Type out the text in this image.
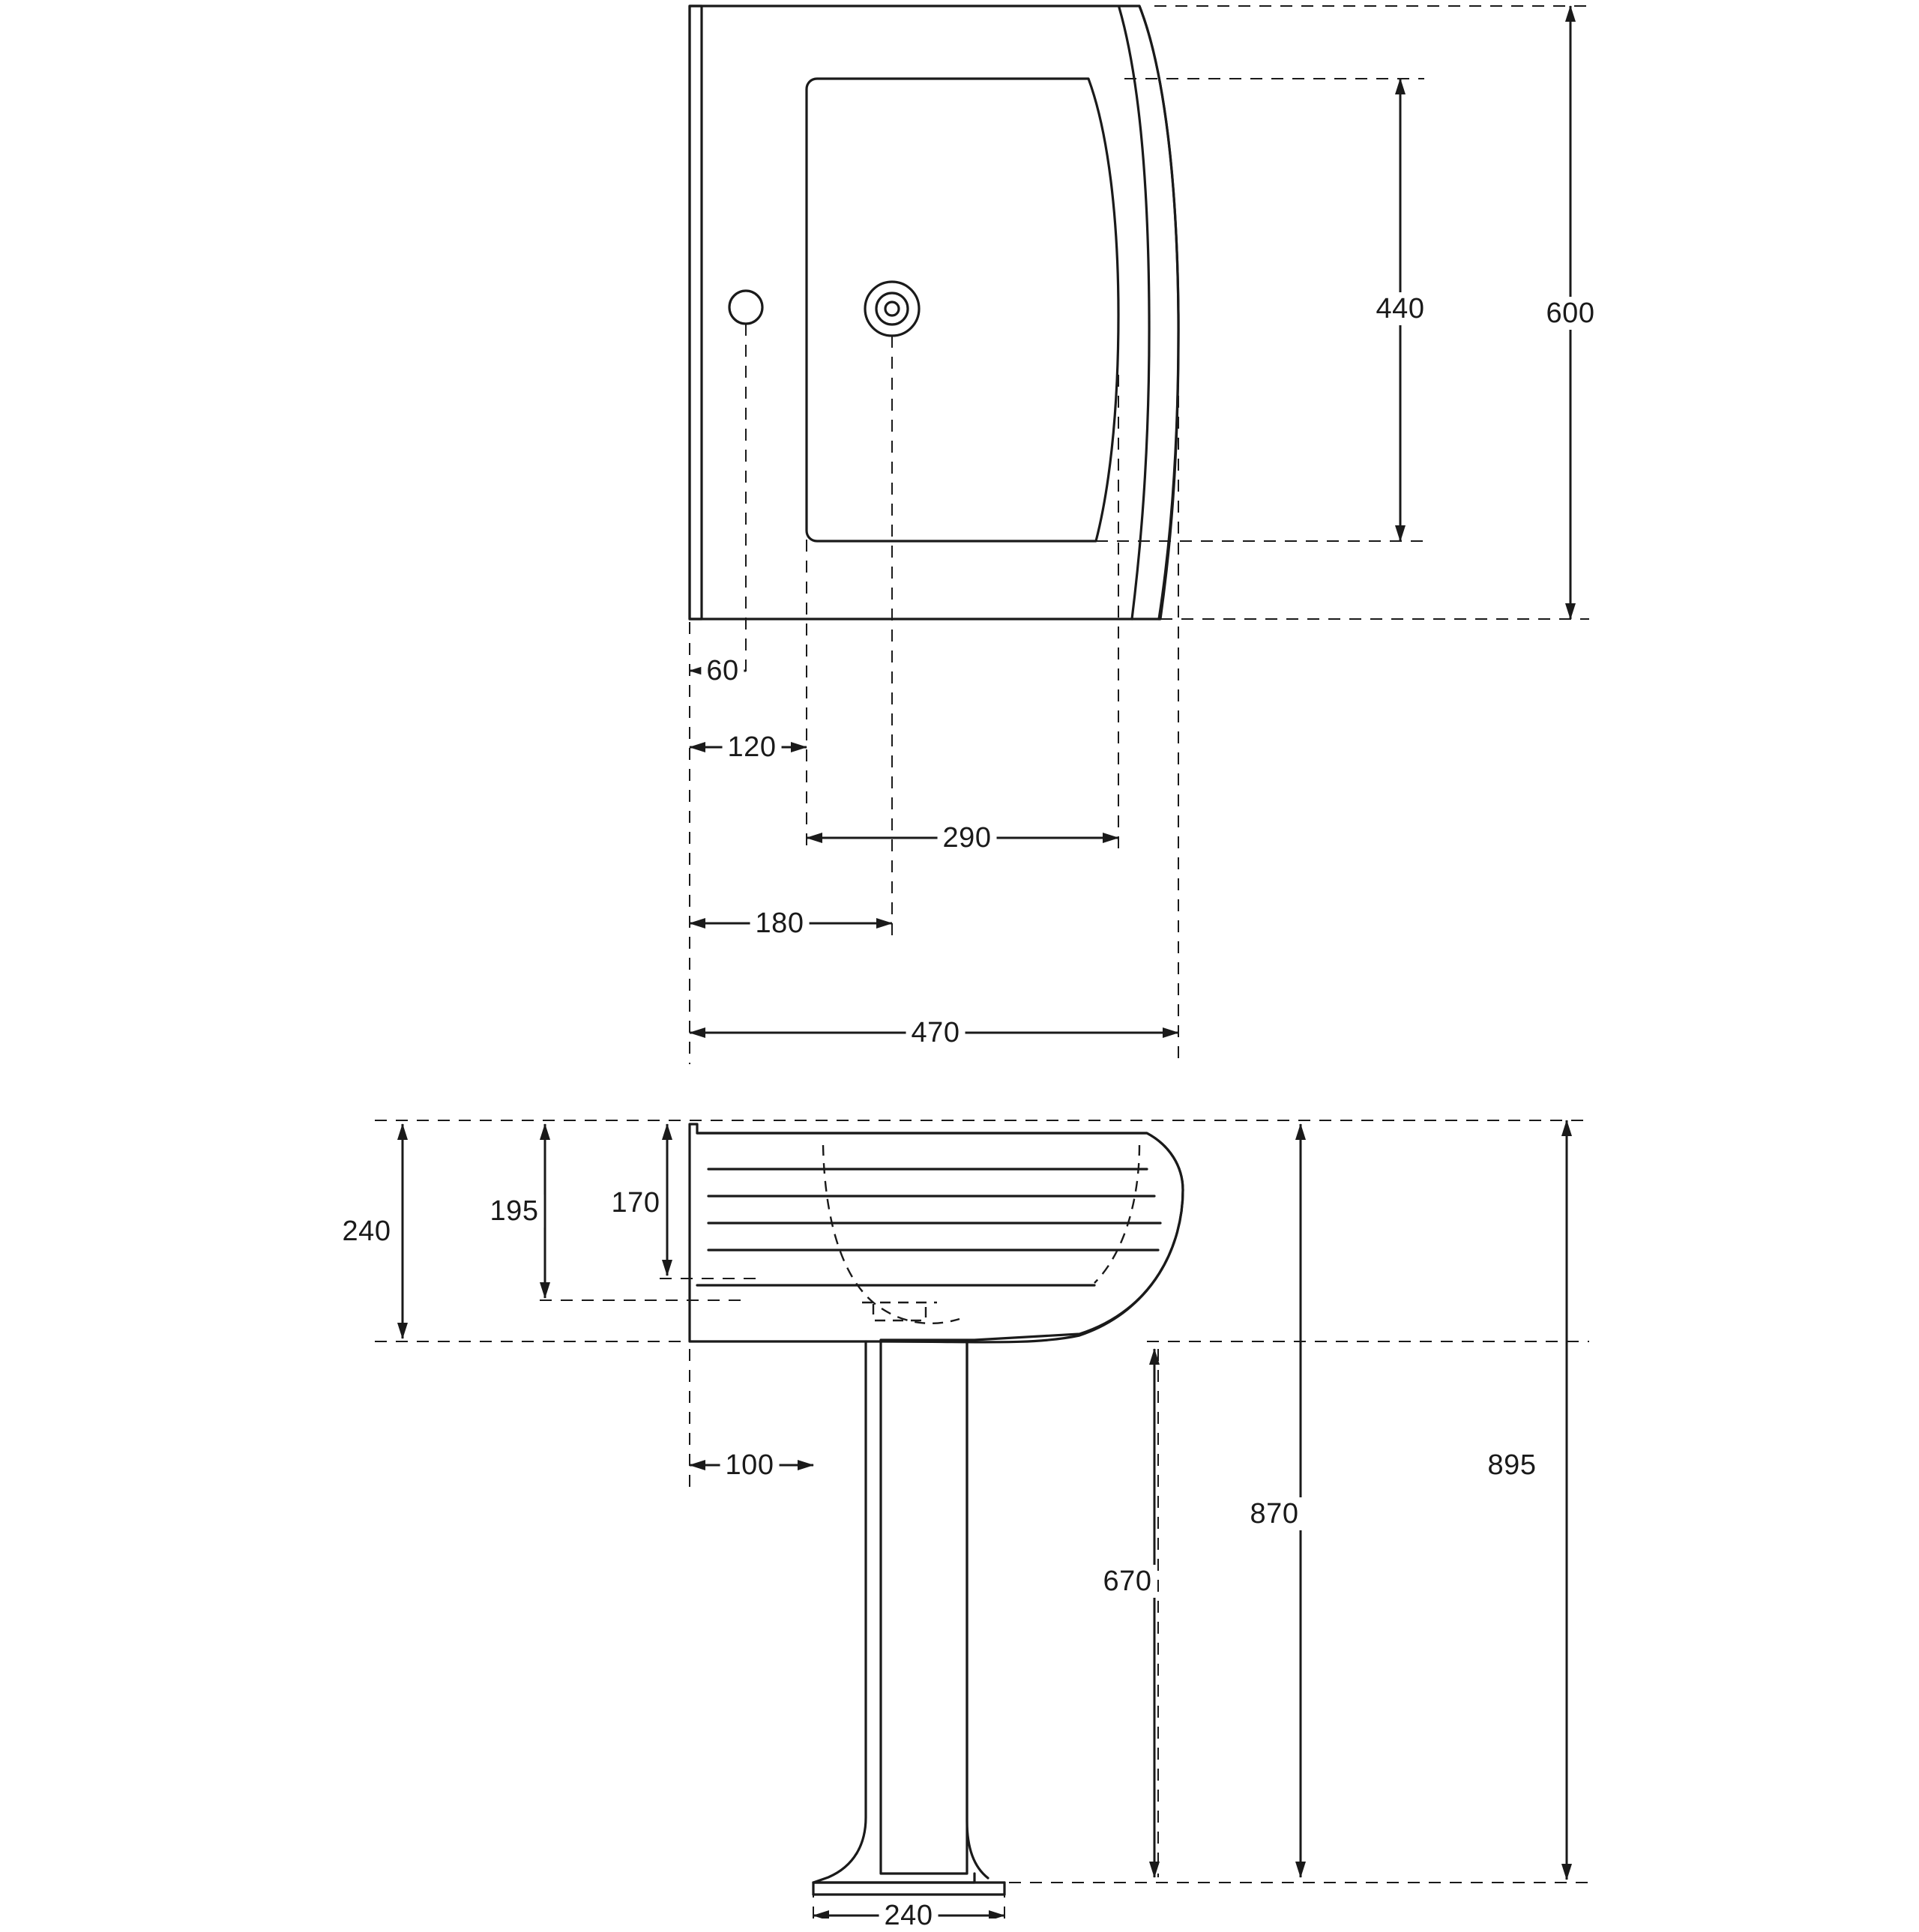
600
440
60
120
290
180
470
240
195	170
100
670
870
895
240
